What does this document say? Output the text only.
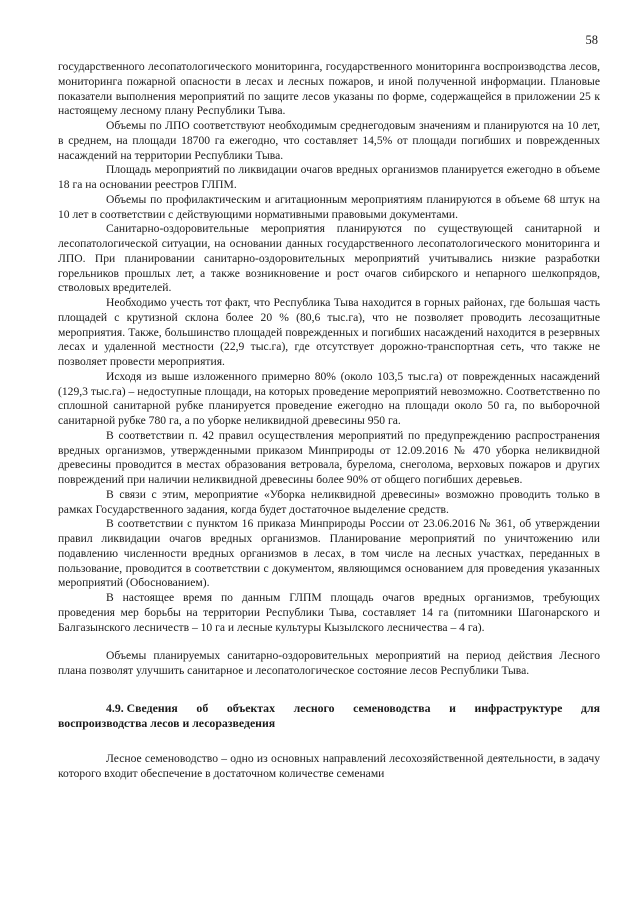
58

государственного лесопатологического мониторинга, государственного мониторинга воспроизводства лесов, мониторинга пожарной опасности в лесах и лесных пожаров, и иной полученной информации. Плановые показатели выполнения мероприятий по защите лесов указаны по форме, содержащейся в приложении 25 к настоящему лесному плану Республики Тыва.

Объемы по ЛПО соответствуют необходимым среднегодовым значениям и планируются на 10 лет, в среднем, на площади 18700 га ежегодно, что составляет 14,5% от площади погибших и поврежденных насаждений на территории Республики Тыва.

Площадь мероприятий по ликвидации очагов вредных организмов планируется ежегодно в объеме 18 га на основании реестров ГЛПМ.

Объемы по профилактическим и агитационным мероприятиям планируются в объеме 68 штук на 10 лет в соответствии с действующими нормативными правовыми документами.

Санитарно-оздоровительные мероприятия планируются по существующей санитарной и лесопатологической ситуации, на основании данных государственного лесопатологического мониторинга и ЛПО. При планировании санитарно-оздоровительных мероприятий учитывались низкие разработки горельников прошлых лет, а также возникновение и рост очагов сибирского и непарного шелкопрядов, стволовых вредителей.

Необходимо учесть тот факт, что Республика Тыва находится в горных районах, где большая часть площадей с крутизной склона более 20 % (80,6 тыс.га), что не позволяет проводить лесозащитные мероприятия. Также, большинство площадей поврежденных и погибших насаждений находится в резервных лесах и удаленной местности (22,9 тыс.га), где отсутствует дорожно-транспортная сеть, что также не позволяет провести мероприятия.

Исходя из выше изложенного примерно 80% (около 103,5 тыс.га) от поврежденных насаждений (129,3 тыс.га) – недоступные площади, на которых проведение мероприятий невозможно. Соответственно по сплошной санитарной рубке планируется проведение ежегодно на площади около 50 га, по выборочной санитарной рубке 780 га, а по уборке неликвидной древесины 950 га.

В соответствии п. 42 правил осуществления мероприятий по предупреждению распространения вредных организмов, утвержденными приказом Минприроды от 12.09.2016 № 470 уборка неликвидной древесины проводится в местах образования ветровала, бурелома, снеголома, верховых пожаров и других повреждений при наличии неликвидной древесины более 90% от общего погибших деревьев.

В связи с этим, мероприятие «Уборка неликвидной древесины» возможно проводить только в рамках Государственного задания, когда будет достаточное выделение средств.

В соответствии с пунктом 16 приказа Минприроды России от 23.06.2016 № 361, об утверждении правил ликвидации очагов вредных организмов. Планирование мероприятий по уничтожению или подавлению численности вредных организмов в лесах, в том числе на лесных участках, переданных в пользование, проводится в соответствии с документом, являющимся основанием для проведения указанных мероприятий (Обоснованием).

В настоящее время по данным ГЛПМ площадь очагов вредных организмов, требующих проведения мер борьбы на территории Республики Тыва, составляет 14 га (питомники Шагонарского и Балгазынского лесничеств – 10 га и лесные культуры Кызылского лесничества – 4 га).

Объемы планируемых санитарно-оздоровительных мероприятий на период действия Лесного плана позволят улучшить санитарное и лесопатологическое состояние лесов Республики Тыва.

4.9. Сведения об объектах лесного семеноводства и инфраструктуре для
воспроизводства лесов и лесоразведения

Лесное семеноводство – одно из основных направлений лесохозяйственной деятельности, в задачу которого входит обеспечение в достаточном количестве семенами
